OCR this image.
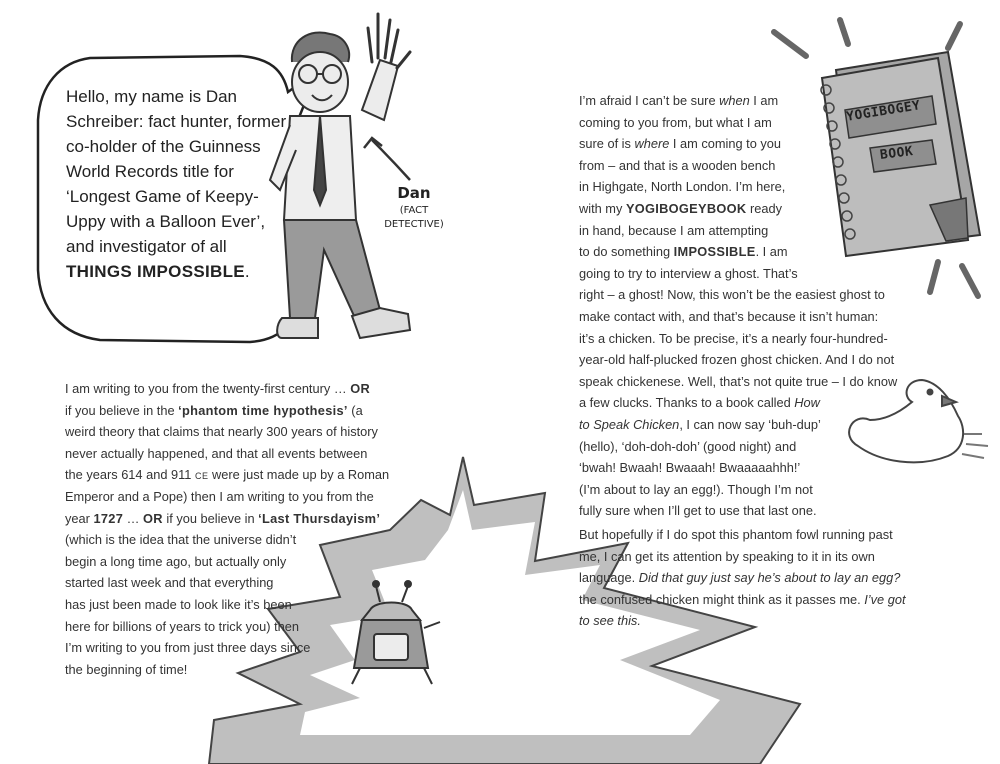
Hello, my name is Dan Schreiber: fact hunter, former co-holder of the Guinness World Records title for ‘Longest Game of Keepy-Uppy with a Balloon Ever’, and investigator of all THINGS IMPOSSIBLE.
Dan
(FACT
DETECTIVE)
YOGIBOGEY
BOOK
I am writing to you from the twenty-first century … OR
if you believe in the ‘phantom time hypothesis’ (a
weird theory that claims that nearly 300 years of history
never actually happened, and that all events between
the years 614 and 911 CE were just made up by a Roman
Emperor and a Pope) then I am writing to you from the
year 1727 … OR if you believe in ‘Last Thursdayism’
(which is the idea that the universe didn’t
begin a long time ago, but actually only
started last week and that everything
has just been made to look like it’s been
here for billions of years to trick you) then
I’m writing to you from just three days since
the beginning of time!
I’m afraid I can’t be sure when I am
coming to you from, but what I am
sure of is where I am coming to you
from – and that is a wooden bench
in Highgate, North London. I’m here,
with my YOGIBOGEYBOOK ready
in hand, because I am attempting
to do something IMPOSSIBLE. I am
going to try to interview a ghost. That’s
right – a ghost! Now, this won’t be the easiest ghost to
make contact with, and that’s because it isn’t human:
it’s a chicken. To be precise, it’s a nearly four-hundred-
year-old half-plucked frozen ghost chicken. And I do not
speak chickenese. Well, that’s not quite true – I do know
a few clucks. Thanks to a book called How
to Speak Chicken, I can now say ‘buh-dup’
(hello), ‘doh-doh-doh’ (good night) and
‘bwah! Bwaah! Bwaaah! Bwaaaaahhh!’
(I’m about to lay an egg!). Though I’m not
fully sure when I’ll get to use that last one.
But hopefully if I do spot this phantom fowl running past
me, I can get its attention by speaking to it in its own
language. Did that guy just say he’s about to lay an egg?
the confused chicken might think as it passes me. I’ve got
to see this.
